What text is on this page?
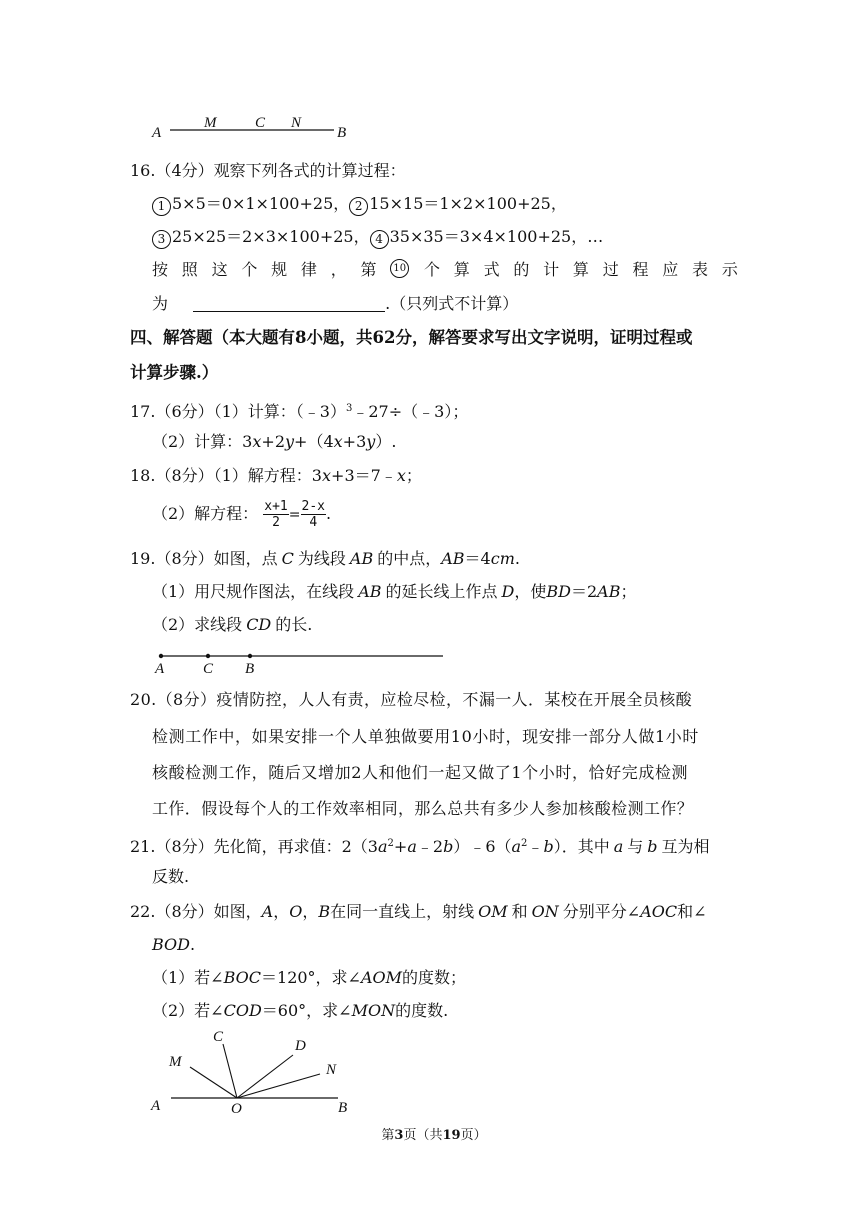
A
M	C N
B
16.（4分）观察下列各式的计算过程：
1 5×5＝0×1×100+25， 2 15×15＝1×2×100+25，
3 25×25＝2×3×100+25， 4 35×35＝3×4×100+25，…
按 照 这 个 规 律 ， 第	10 个 算 式 的 计 算 过 程 应 表 示
为	.（只列式不计算）
四、解答题（本大题有8小题，共62分，解答要求写出文字说明，证明过程或
计算步骤.）
17.（6分）（1）计算：（﹣3）$^3$﹣27÷（﹣3）；
（2）计算：3x+2y+（4x+3y）.
18.（8分）（1）解方程：3x+3＝7﹣x；
（2）解方程： $\frac{x+1}{2} = \frac{2-x}{4}$ .
19.（8分）如图，点 C 为线段 AB 的中点，AB＝4cm.
（1）用尺规作图法，在线段 AB 的延长线上作点 D，使BD＝2AB；
（2）求线段 CD 的长.
A	C B
20.（8分）疫情防控，人人有责，应检尽检，不漏一人．某校在开展全员核酸
检测工作中，如果安排一个人单独做要用10小时，现安排一部分人做1小时
核酸检测工作，随后又增加2人和他们一起又做了1个小时，恰好完成检测
工作．假设每个人的工作效率相同，那么总共有多少人参加核酸检测工作？
21.（8分）先化简，再求值：$2(3a^2+a﹣2b)﹣6(a^2﹣b)$．其中 a 与 b 互为相
反数.
22.（8分）如图，A，O，B在同一直线上，射线 OM 和 ON 分别平分∠AOC和∠
BOD.
（1）若∠BOC＝120°，求∠AOM的度数；
（2）若∠COD＝60°，求∠MON的度数.
M
C
D
N
A	O	B
第3页（共19页）
